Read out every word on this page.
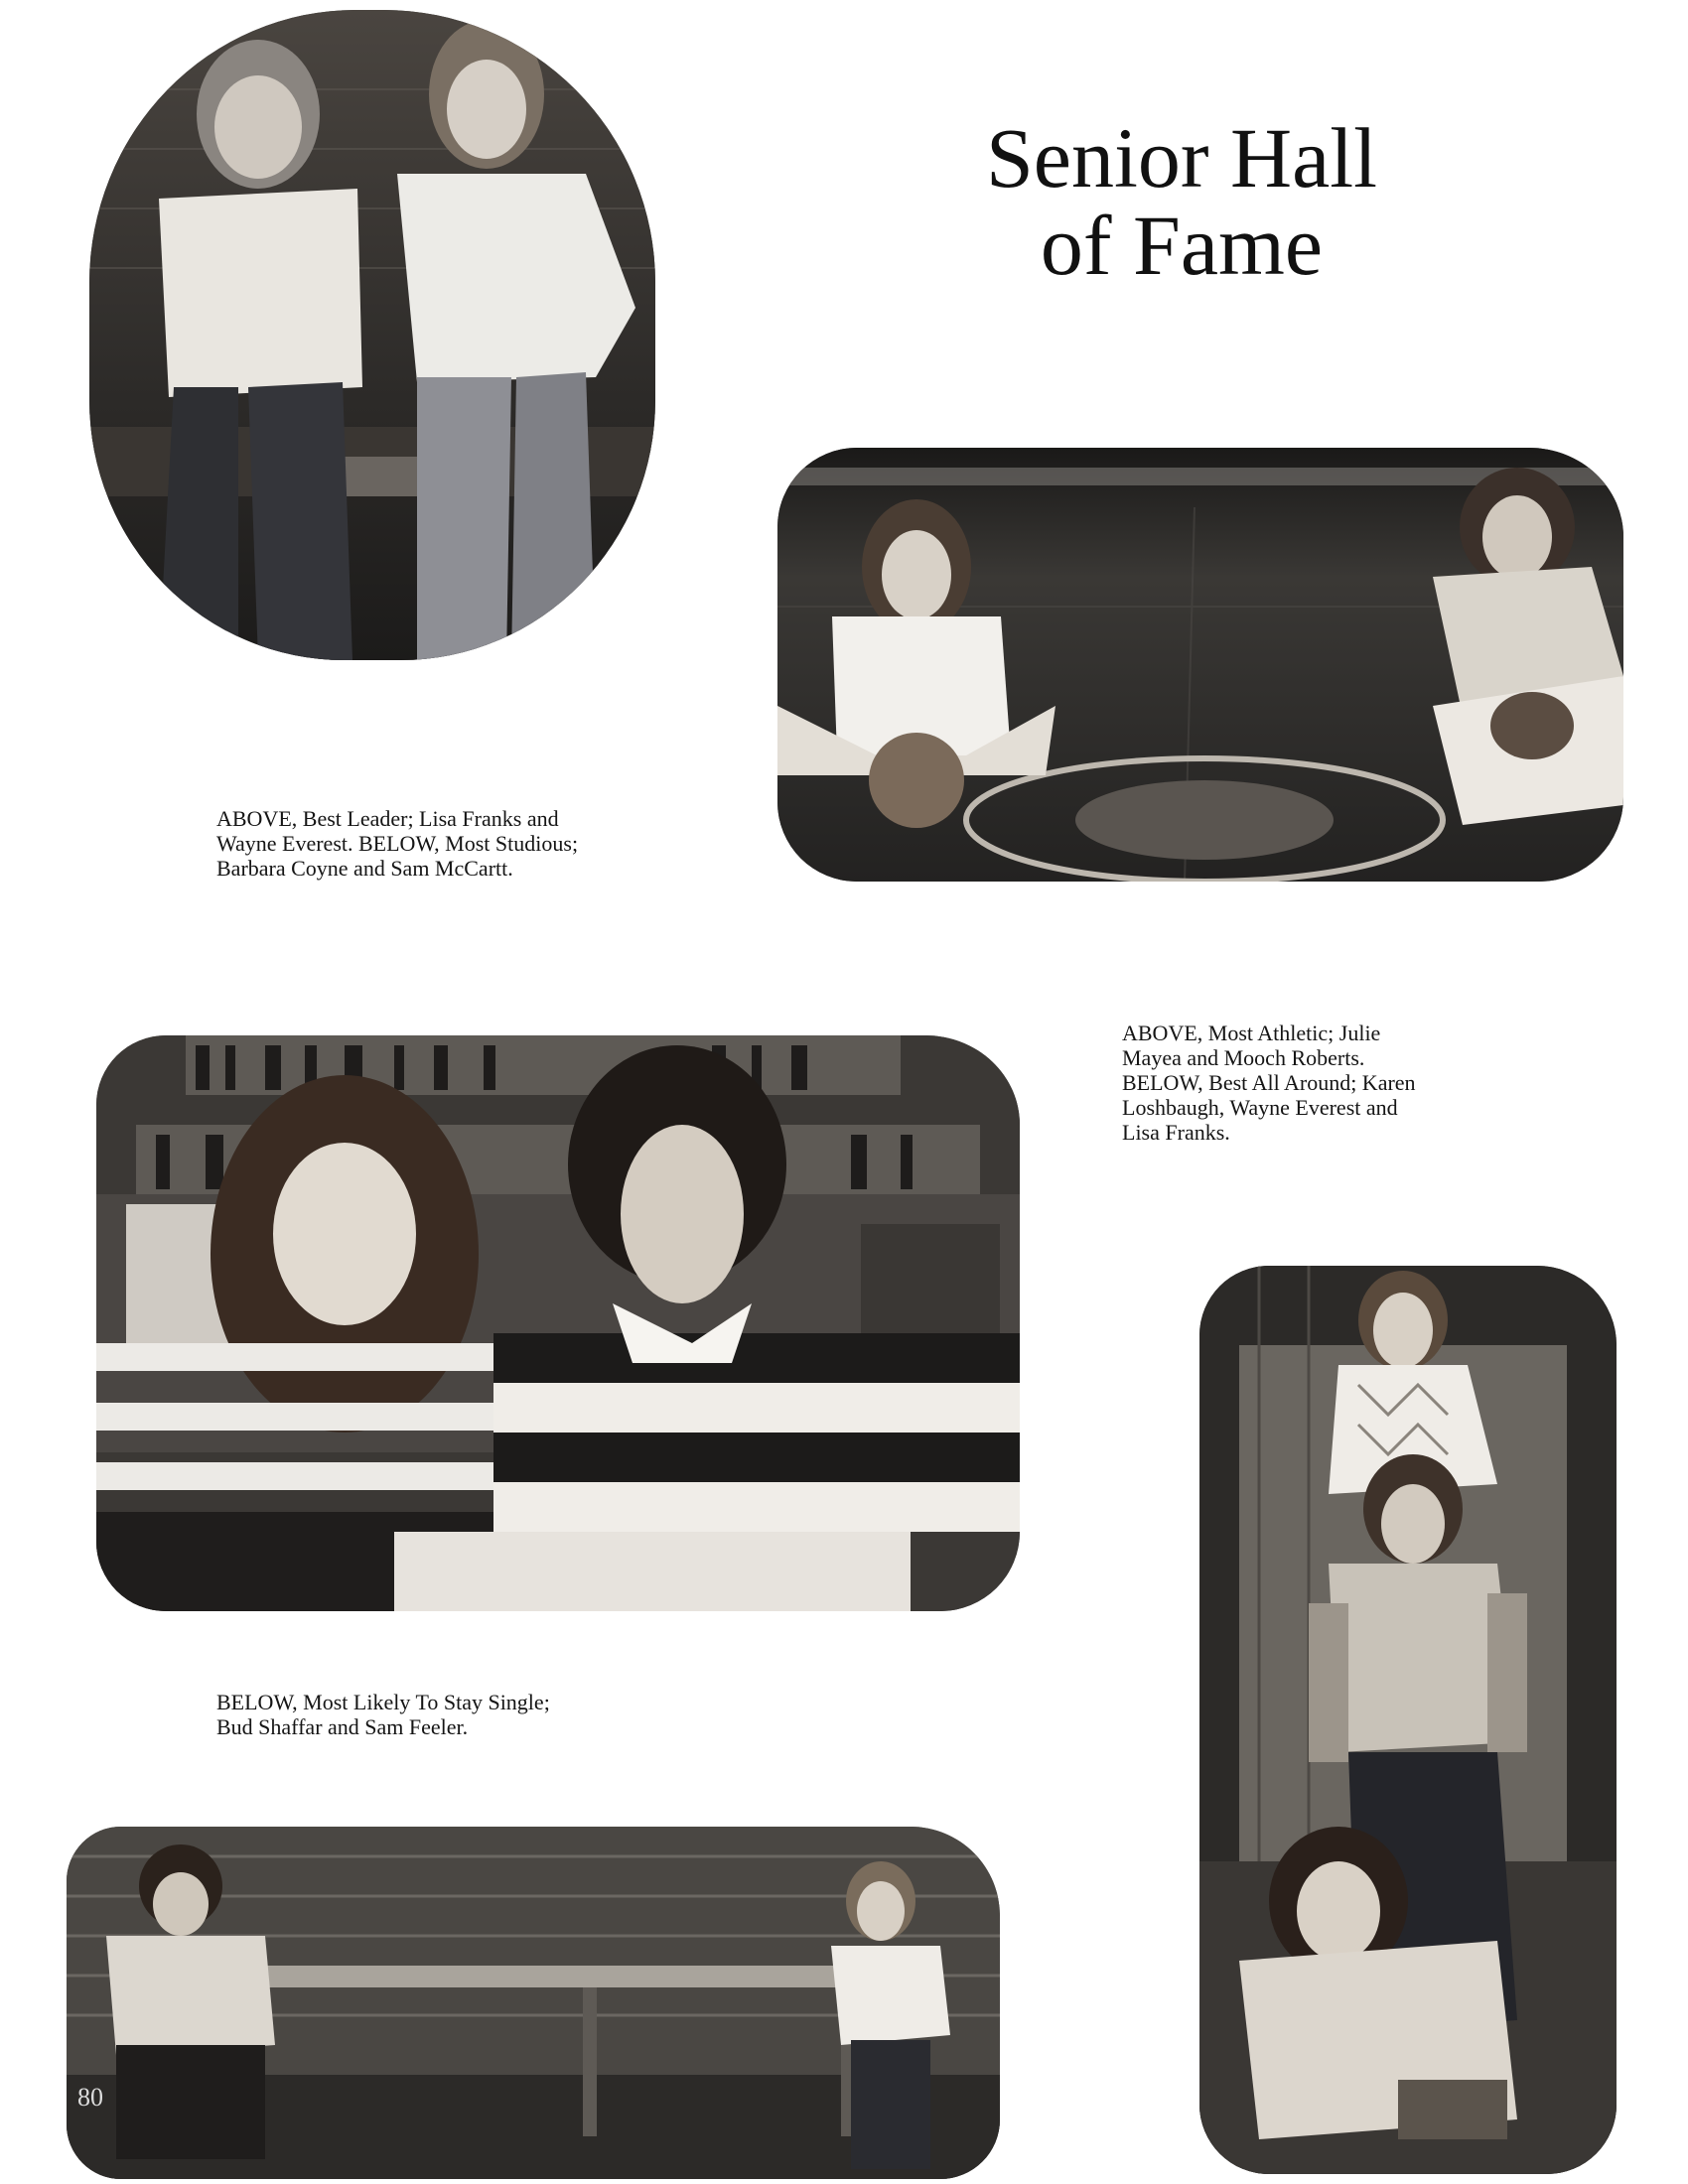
Senior Hall
of Fame

ABOVE, Best Leader; Lisa Franks and
Wayne Everest. BELOW, Most Studious;
Barbara Coyne and Sam McCartt.

ABOVE, Most Athletic; Julie
Mayea and Mooch Roberts.
BELOW, Best All Around; Karen
Loshbaugh, Wayne Everest and
Lisa Franks.

BELOW, Most Likely To Stay Single;
Bud Shaffar and Sam Feeler.

80
